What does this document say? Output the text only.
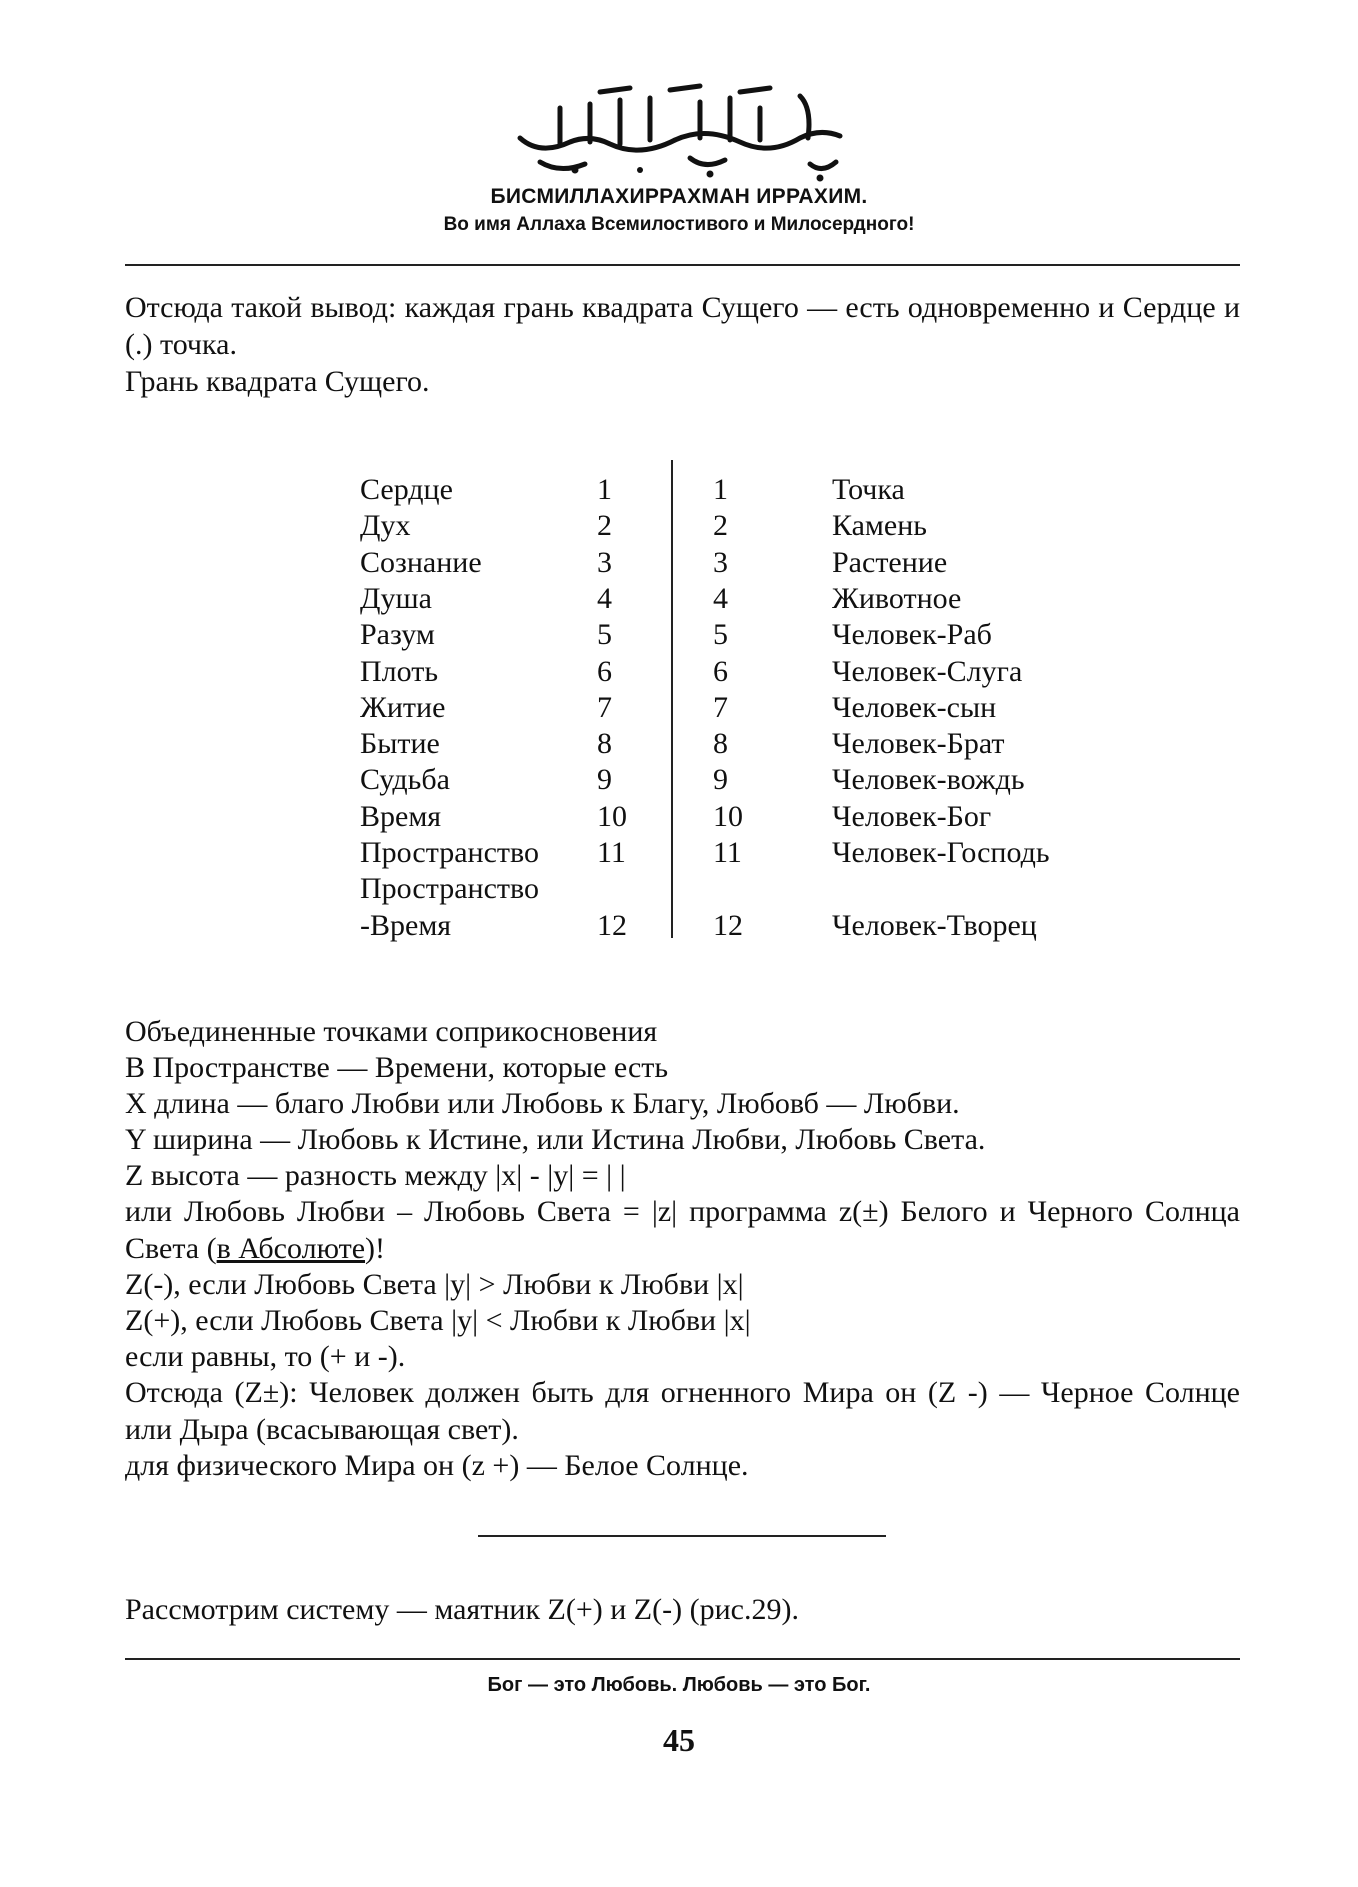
БИСМИЛЛАХИРРАХМАН ИРРАХИМ.
Во имя Аллаха Всемилостивого и Милосердного!
Отсюда такой вывод: каждая грань квадрата Сущего — есть одновременно и Сердце и (.) точка.
Грань квадрата Сущего.
Сердце	1	1	Точка
Дух	2	2	Камень
Сознание	3	3	Растение
Душа	4	4	Животное
Разум	5	5	Человек-Раб
Плоть	6	6	Человек-Слуга
Житие	7	7	Человек-сын
Бытие	8	8	Человек-Брат
Судьба	9	9	Человек-вождь
Время	10	10	Человек-Бог
Пространство 11	11	Человек-Господь
Пространство
-Время	12	12	Человек-Творец
Объединенные точками соприкосновения
В Пространстве — Времени, которые есть
X длина — благо Любви или Любовь к Благу, Любовб — Любви.
Y ширина — Любовь к Истине, или Истина Любви, Любовь Света.
Z высота — разность между |x| - |y| = | |
или Любовь Любви – Любовь Света = |z| программа z(±) Белого и Черного Солнца Света (в Абсолюте)!
Z(-), если Любовь Света |y| > Любви к Любви |x|
Z(+), если Любовь Света |y| < Любви к Любви |x|
если равны, то (+ и -).
Отсюда (Z±): Человек должен быть для огненного Мира он (Z -) — Черное Солнце или Дыра (всасывающая свет).
для физического Мира он (z +) — Белое Солнце.
Рассмотрим систему — маятник Z(+) и Z(-) (рис.29).
Бог — это Любовь. Любовь — это Бог.
45
